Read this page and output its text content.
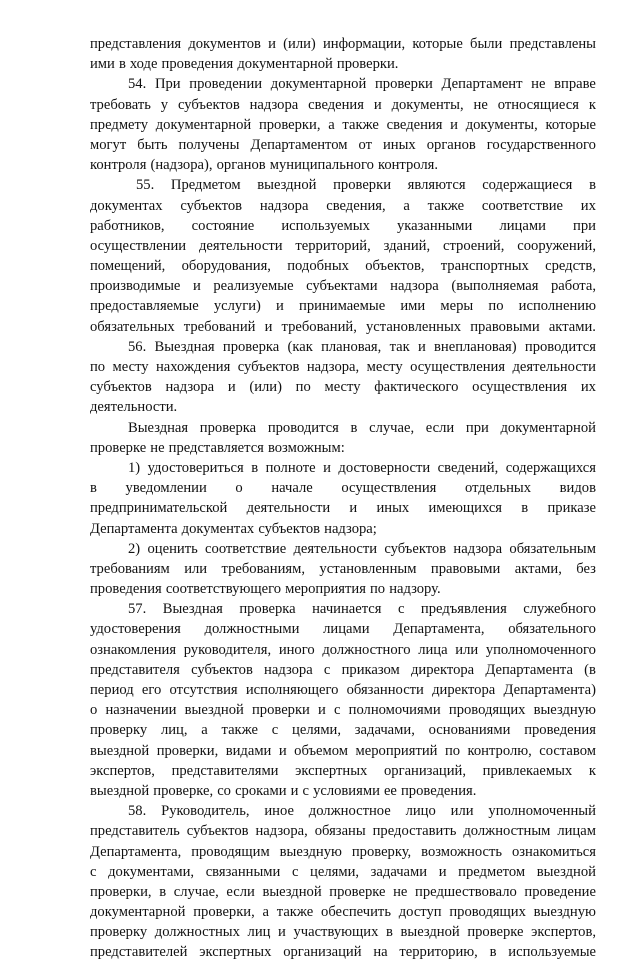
представления документов и (или) информации, которые были представлены
ими в ходе проведения документарной проверки.
54. При проведении документарной проверки Департамент не вправе
требовать у субъектов надзора сведения и документы, не относящиеся к
предмету документарной проверки, а также сведения и документы, которые
могут быть получены Департаментом от иных органов государственного
контроля (надзора), органов муниципального контроля.
55. Предметом выездной проверки являются содержащиеся в
документах субъектов надзора сведения, а также соответствие их
работников, состояние используемых указанными лицами при
осуществлении деятельности территорий, зданий, строений, сооружений,
помещений, оборудования, подобных объектов, транспортных средств,
производимые и реализуемые субъектами надзора (выполняемая работа,
предоставляемые услуги) и принимаемые ими меры по исполнению
обязательных требований и требований, установленных правовыми актами.
56. Выездная проверка (как плановая, так и внеплановая) проводится
по месту нахождения субъектов надзора, месту осуществления деятельности
субъектов надзора и (или) по месту фактического осуществления их
деятельности.
Выездная проверка проводится в случае, если при документарной
проверке не представляется возможным:
1) удостовериться в полноте и достоверности сведений, содержащихся
в уведомлении о начале осуществления отдельных видов
предпринимательской деятельности и иных имеющихся в приказе
Департамента документах субъектов надзора;
2) оценить соответствие деятельности субъектов надзора обязательным
требованиям или требованиям, установленным правовыми актами, без
проведения соответствующего мероприятия по надзору.
57. Выездная проверка начинается с предъявления служебного
удостоверения должностными лицами Департамента, обязательного
ознакомления руководителя, иного должностного лица или уполномоченного
представителя субъектов надзора с приказом директора Департамента (в
период его отсутствия исполняющего обязанности директора Департамента)
о назначении выездной проверки и с полномочиями проводящих выездную
проверку лиц, а также с целями, задачами, основаниями проведения
выездной проверки, видами и объемом мероприятий по контролю, составом
экспертов, представителями экспертных организаций, привлекаемых к
выездной проверке, со сроками и с условиями ее проведения.
58. Руководитель, иное должностное лицо или уполномоченный
представитель субъектов надзора, обязаны предоставить должностным лицам
Департамента, проводящим выездную проверку, возможность ознакомиться
с документами, связанными с целями, задачами и предметом выездной
проверки, в случае, если выездной проверке не предшествовало проведение
документарной проверки, а также обеспечить доступ проводящих выездную
проверку должностных лиц и участвующих в выездной проверке экспертов,
представителей экспертных организаций на территорию, в используемые
